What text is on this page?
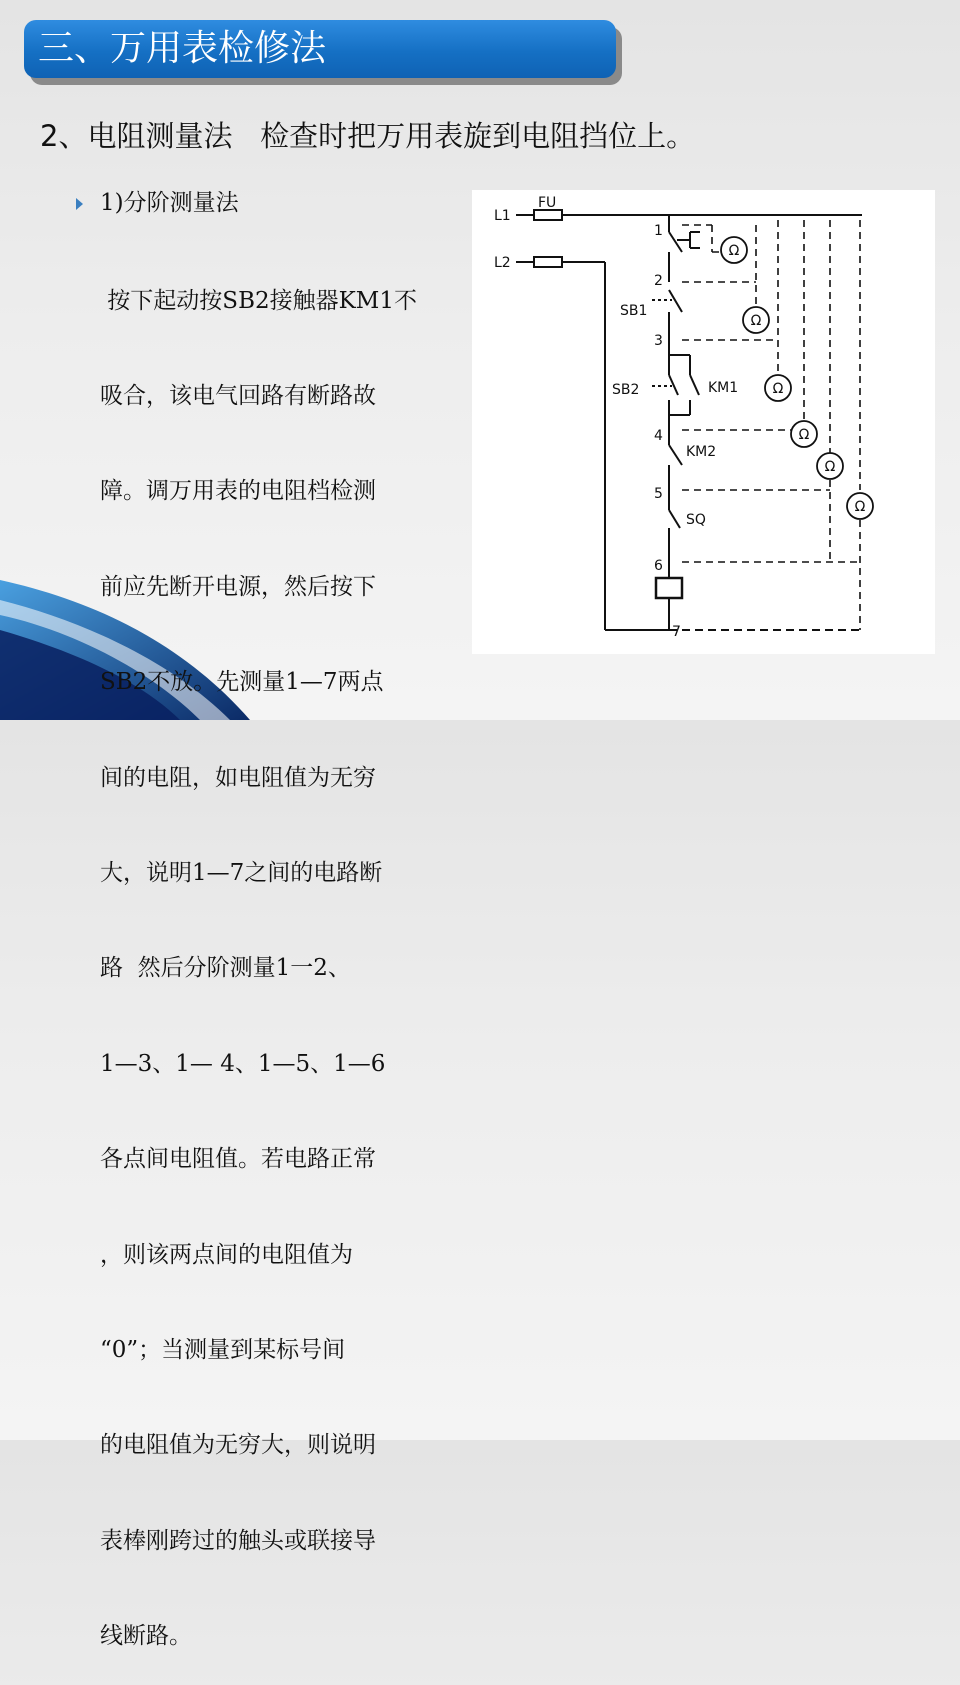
三、万用表检修法
2、电阻测量法   检查时把万用表旋到电阻挡位上。
1)分阶测量法

按下起动按SB2接触器KM1不

吸合，该电气回路有断路故

障。调万用表的电阻档检测

前应先断开电源，然后按下

SB2不放。先测量1—7两点

间的电阻，如电阻值为无穷

大，说明1—7之间的电路断

路  然后分阶测量1一2、

1—3、1— 4、1—5、1—6

各点间电阻值。若电路正常

，则该两点间的电阻值为

“0”；当测量到某标号间

的电阻值为无穷大，则说明

表棒刚跨过的触头或联接导

线断路。

Ω
Ω
Ω
Ω
Ω
Ω
FU
L1
L2
SB1
SB2	KM1
KM2
SQ
1
2
3
4
5
6
7
